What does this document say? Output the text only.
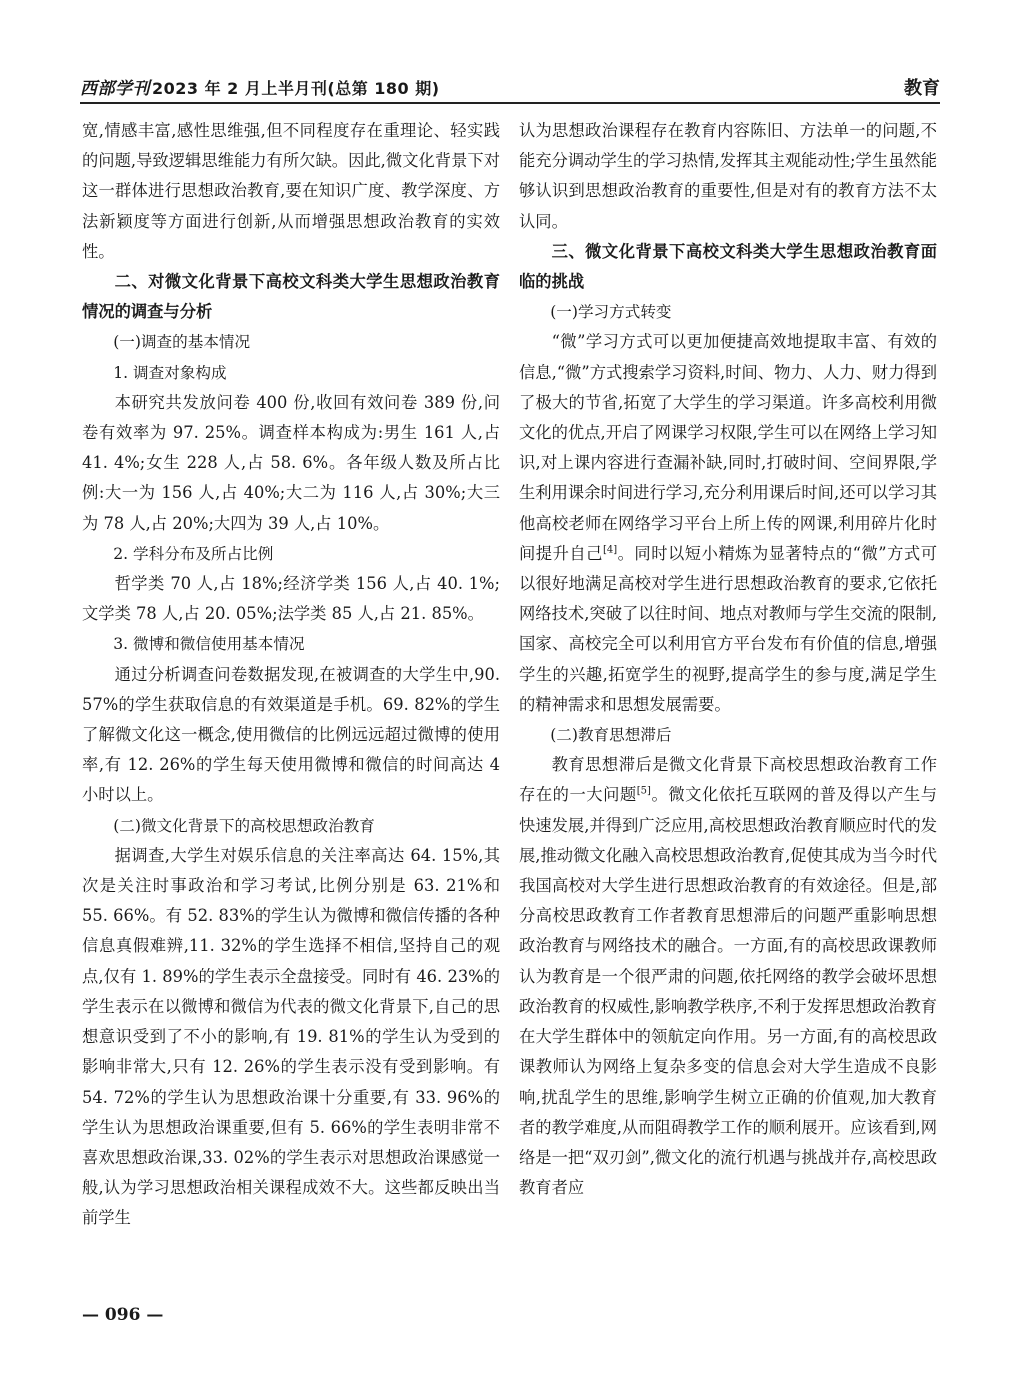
西部学刊 2023 年 2 月上半月刊(总第 180 期)	教育

宽,情感丰富,感性思维强,但不同程度存在重理论、轻实践的问题,导致逻辑思维能力有所欠缺。因此,微文化背景下对这一群体进行思想政治教育,要在知识广度、教学深度、方法新颖度等方面进行创新,从而增强思想政治教育的实效性。

二、对微文化背景下高校文科类大学生思想政治教育情况的调查与分析
(一)调查的基本情况
1. 调查对象构成

本研究共发放问卷 400 份,收回有效问卷 389 份,问卷有效率为 97. 25%。调查样本构成为:男生 161 人,占 41. 4%;女生 228 人,占 58. 6%。各年级人数及所占比例:大一为 156 人,占 40%;大二为 116 人,占 30%;大三为 78 人,占 20%;大四为 39 人,占 10%。

2. 学科分布及所占比例

哲学类 70 人,占 18%;经济学类 156 人,占 40. 1%;文学类 78 人,占 20. 05%;法学类 85 人,占 21. 85%。

3. 微博和微信使用基本情况

通过分析调查问卷数据发现,在被调查的大学生中,90. 57%的学生获取信息的有效渠道是手机。69. 82%的学生了解微文化这一概念,使用微信的比例远远超过微博的使用率,有 12. 26%的学生每天使用微博和微信的时间高达 4 小时以上。

(二)微文化背景下的高校思想政治教育

据调查,大学生对娱乐信息的关注率高达 64. 15%,其次是关注时事政治和学习考试,比例分别是 63. 21%和 55. 66%。有 52. 83%的学生认为微博和微信传播的各种信息真假难辨,11. 32%的学生选择不相信,坚持自己的观点,仅有 1. 89%的学生表示全盘接受。同时有 46. 23%的学生表示在以微博和微信为代表的微文化背景下,自己的思想意识受到了不小的影响,有 19. 81%的学生认为受到的影响非常大,只有 12. 26%的学生表示没有受到影响。有 54. 72%的学生认为思想政治课十分重要,有 33. 96%的学生认为思想政治课重要,但有 5. 66%的学生表明非常不喜欢思想政治课,33. 02%的学生表示对思想政治课感觉一般,认为学习思想政治相关课程成效不大。这些都反映出当前学生

认为思想政治课程存在教育内容陈旧、方法单一的问题,不能充分调动学生的学习热情,发挥其主观能动性;学生虽然能够认识到思想政治教育的重要性,但是对有的教育方法不太认同。

三、微文化背景下高校文科类大学生思想政治教育面临的挑战
(一)学习方式转变

“微”学习方式可以更加便捷高效地提取丰富、有效的信息,“微”方式搜索学习资料,时间、物力、人力、财力得到了极大的节省,拓宽了大学生的学习渠道。许多高校利用微文化的优点,开启了网课学习权限,学生可以在网络上学习知识,对上课内容进行查漏补缺,同时,打破时间、空间界限,学生利用课余时间进行学习,充分利用课后时间,还可以学习其他高校老师在网络学习平台上所上传的网课,利用碎片化时间提升自己[4]。同时以短小精炼为显著特点的“微”方式可以很好地满足高校对学生进行思想政治教育的要求,它依托网络技术,突破了以往时间、地点对教师与学生交流的限制,国家、高校完全可以利用官方平台发布有价值的信息,增强学生的兴趣,拓宽学生的视野,提高学生的参与度,满足学生的精神需求和思想发展需要。

(二)教育思想滞后

教育思想滞后是微文化背景下高校思想政治教育工作存在的一大问题[5]。微文化依托互联网的普及得以产生与快速发展,并得到广泛应用,高校思想政治教育顺应时代的发展,推动微文化融入高校思想政治教育,促使其成为当今时代我国高校对大学生进行思想政治教育的有效途径。但是,部分高校思政教育工作者教育思想滞后的问题严重影响思想政治教育与网络技术的融合。一方面,有的高校思政课教师认为教育是一个很严肃的问题,依托网络的教学会破坏思想政治教育的权威性,影响教学秩序,不利于发挥思想政治教育在大学生群体中的领航定向作用。另一方面,有的高校思政课教师认为网络上复杂多变的信息会对大学生造成不良影响,扰乱学生的思维,影响学生树立正确的价值观,加大教育者的教学难度,从而阻碍教学工作的顺利展开。应该看到,网络是一把“双刃剑”,微文化的流行机遇与挑战并存,高校思政教育者应

— 096 —
